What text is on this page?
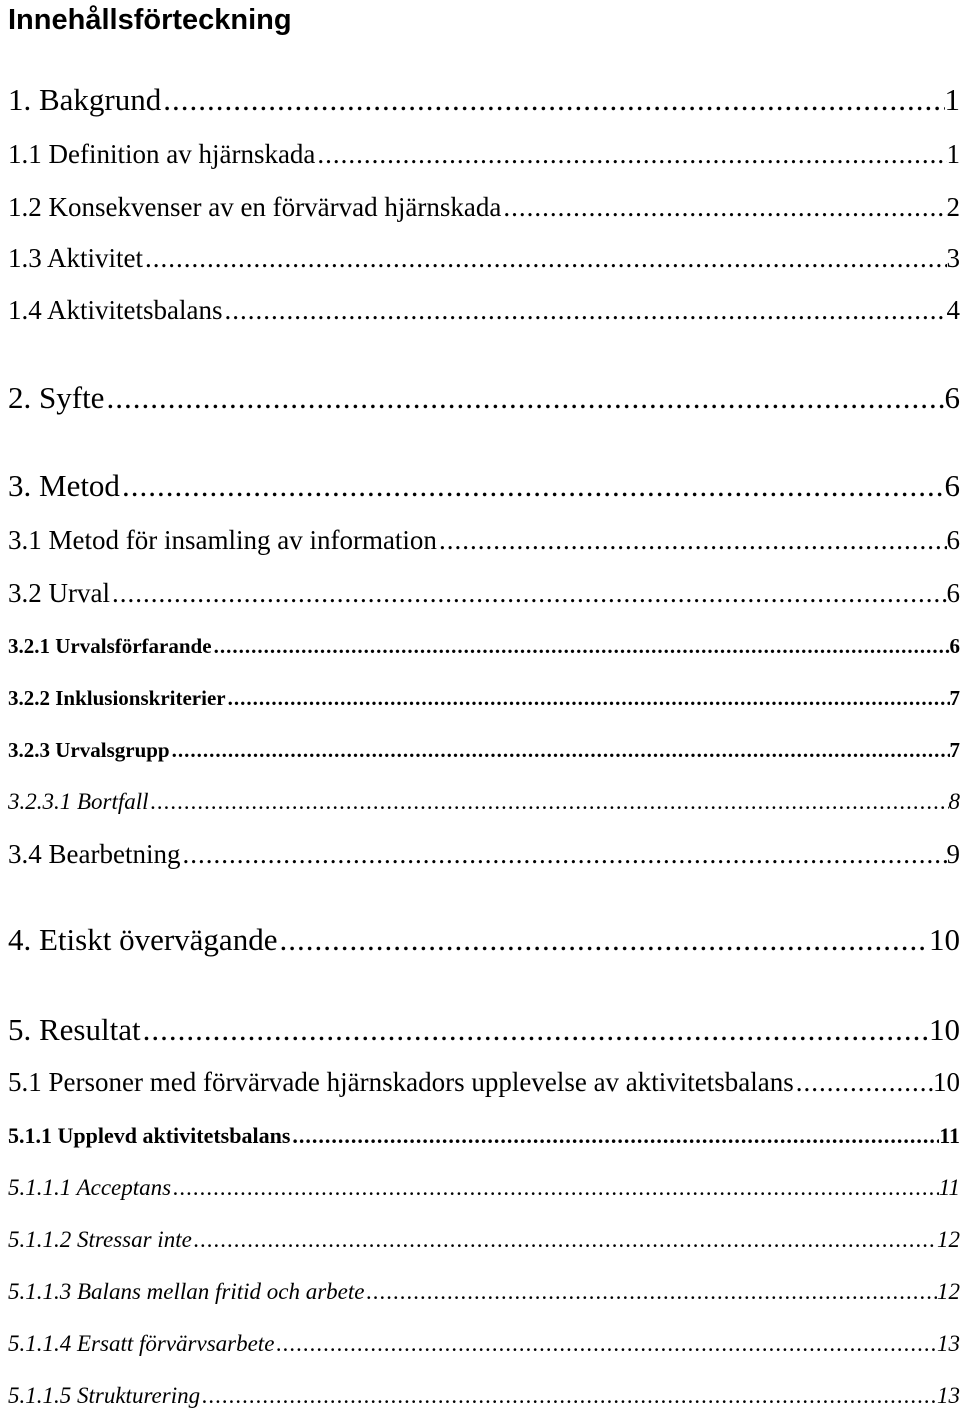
Innehållsförteckning
1. Bakgrund .....	1
1.1 Definition av hjärnskada .....	1
1.2 Konsekvenser av en förvärvad hjärnskada .....	2
1.3 Aktivitet .....	3
1.4 Aktivitetsbalans .....	4
2. Syfte .....	6
3. Metod .....	6
3.1 Metod för insamling av information .....	6
3.2 Urval .....	6
3.2.1 Urvalsförfarande .....	6
3.2.2 Inklusionskriterier .....	7
3.2.3 Urvalsgrupp .....	7
3.2.3.1 Bortfall .....	8
3.4 Bearbetning .....	9
4. Etiskt övervägande .....	10
5. Resultat .....	10
5.1 Personer med förvärvade hjärnskadors upplevelse av aktivitetsbalans .....	10
5.1.1 Upplevd aktivitetsbalans .....	11
5.1.1.1 Acceptans .....	11
5.1.1.2 Stressar inte .....	12
5.1.1.3 Balans mellan fritid och arbete .....	12
5.1.1.4 Ersatt förvärvsarbete .....	13
5.1.1.5 Strukturering .....	13
